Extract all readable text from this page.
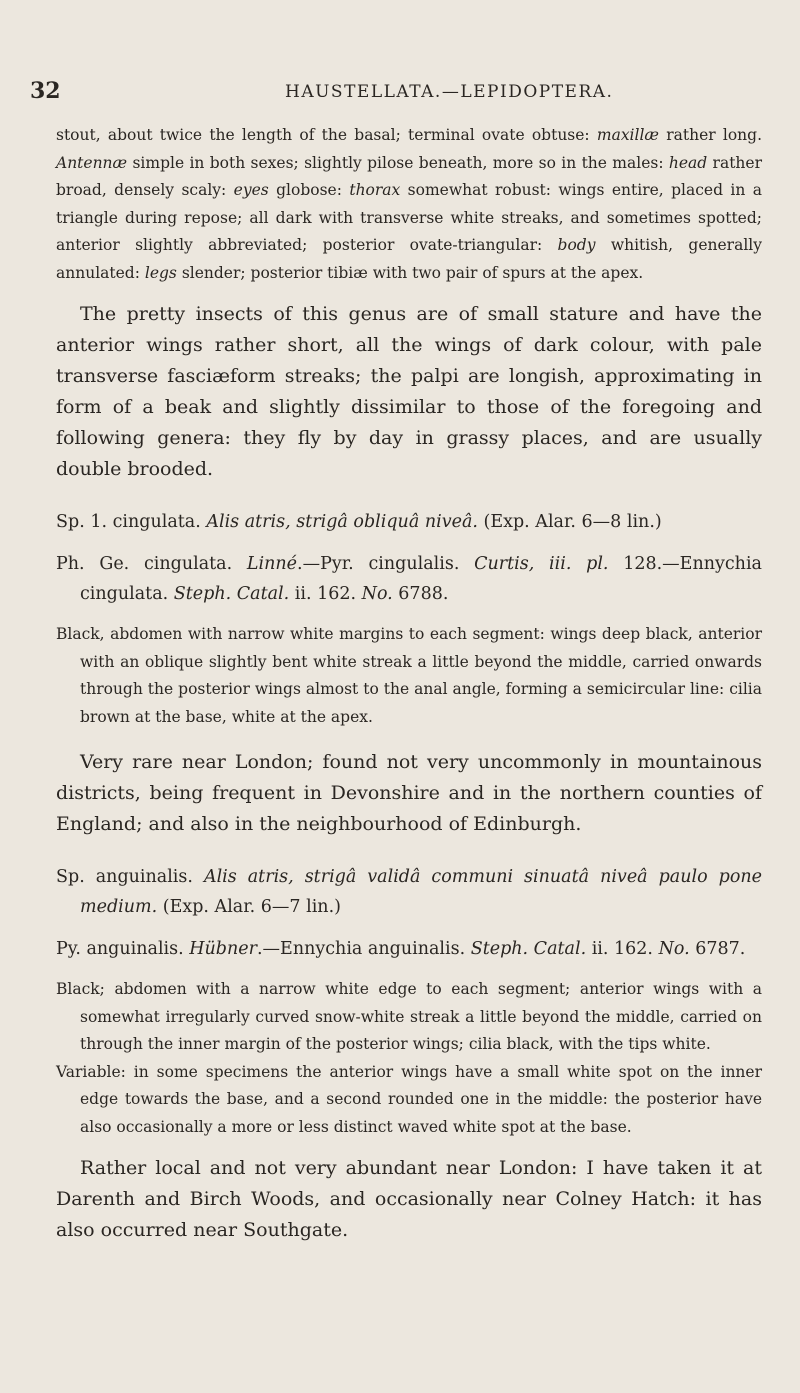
32	HAUSTELLATA.—LEPIDOPTERA.

stout, about twice the length of the basal; terminal ovate obtuse: maxillæ rather long. Antennæ simple in both sexes; slightly pilose beneath, more so in the males: head rather broad, densely scaly: eyes globose: thorax somewhat robust: wings entire, placed in a triangle during repose; all dark with transverse white streaks, and sometimes spotted; anterior slightly abbreviated; posterior ovate-triangular: body whitish, generally annulated: legs slender; posterior tibiæ with two pair of spurs at the apex.

The pretty insects of this genus are of small stature and have the anterior wings rather short, all the wings of dark colour, with pale transverse fasciæform streaks; the palpi are longish, approximating in form of a beak and slightly dissimilar to those of the foregoing and following genera: they fly by day in grassy places, and are usually double brooded.

Sp. 1. cingulata. Alis atris, strigâ obliquâ niveâ. (Exp. Alar. 6—8 lin.)

Ph. Ge. cingulata. Linné.—Pyr. cingulalis. Curtis, iii. pl. 128.—Ennychia cingulata. Steph. Catal. ii. 162. No. 6788.

Black, abdomen with narrow white margins to each segment: wings deep black, anterior with an oblique slightly bent white streak a little beyond the middle, carried onwards through the posterior wings almost to the anal angle, forming a semicircular line: cilia brown at the base, white at the apex.

Very rare near London; found not very uncommonly in mountainous districts, being frequent in Devonshire and in the northern counties of England; and also in the neighbourhood of Edinburgh.

Sp. anguinalis. Alis atris, strigâ validâ communi sinuatâ niveâ paulo pone medium. (Exp. Alar. 6—7 lin.)

Py. anguinalis. Hübner.—Ennychia anguinalis. Steph. Catal. ii. 162. No. 6787.

Black; abdomen with a narrow white edge to each segment; anterior wings with a somewhat irregularly curved snow-white streak a little beyond the middle, carried on through the inner margin of the posterior wings; cilia black, with the tips white.

Variable: in some specimens the anterior wings have a small white spot on the inner edge towards the base, and a second rounded one in the middle: the posterior have also occasionally a more or less distinct waved white spot at the base.

Rather local and not very abundant near London: I have taken it at Darenth and Birch Woods, and occasionally near Colney Hatch: it has also occurred near Southgate.
